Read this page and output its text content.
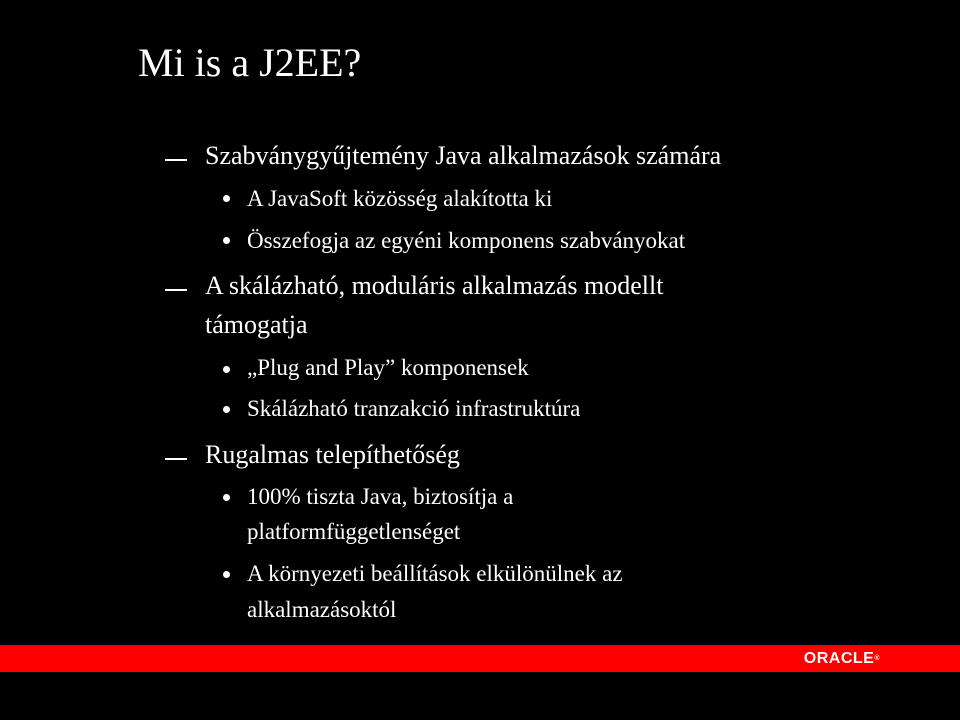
Mi is a J2EE?
Szabványgyűjtemény Java alkalmazások számára
A JavaSoft közösség alakította ki
Összefogja az egyéni komponens szabványokat
A skálázható, moduláris alkalmazás modellt
támogatja
„Plug and Play” komponensek
Skálázható tranzakció infrastruktúra
Rugalmas telepíthetőség
100% tiszta Java, biztosítja a
platformfüggetlenséget
A környezeti beállítások elkülönülnek az
alkalmazásoktól
ORACLE®
